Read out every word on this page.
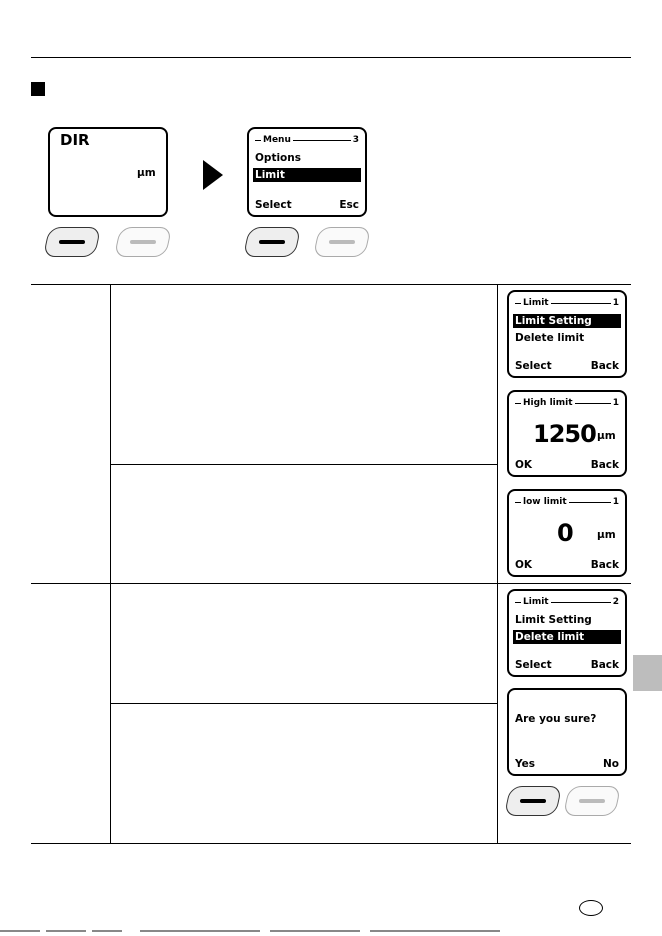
DIR
µm
Menu	3
Options
Limit
Select	Esc
Limit	1
Limit Setting
Delete limit
Select	Back
High limit	1
1250 µm
OK	Back
low limit	1
0 µm
OK	Back
Limit	2
Limit Setting
Delete limit
Select	Back
Are you sure?
Yes	No
